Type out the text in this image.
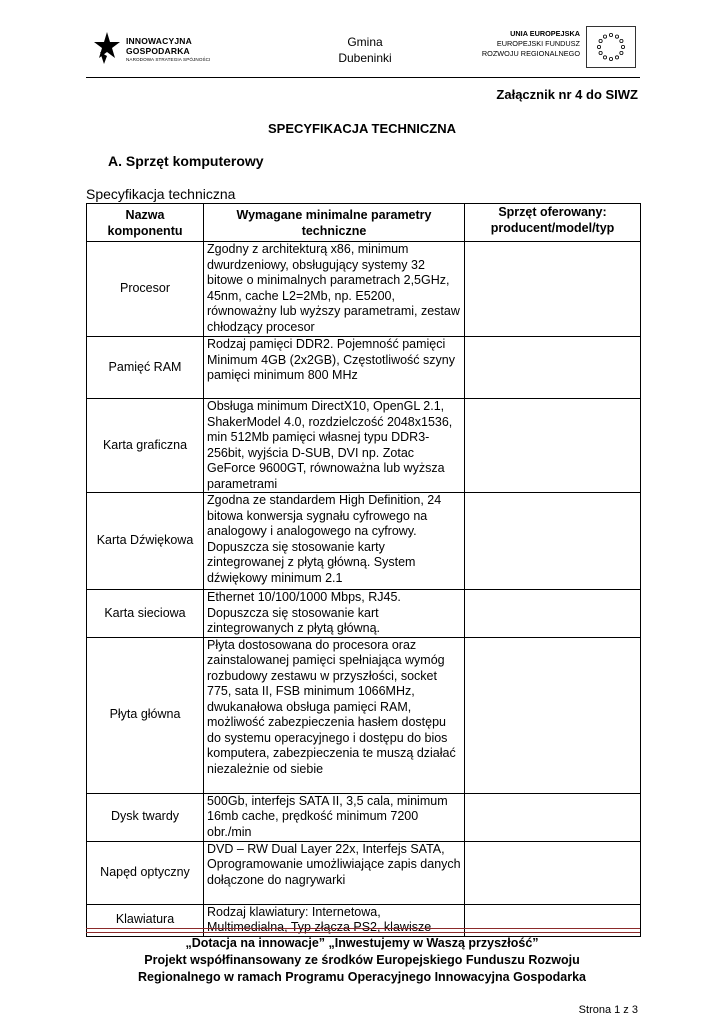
INNOWACYJNA
GOSPODARKA
NARODOWA STRATEGIA SPÓJNOŚCI
Gmina
Dubeninki
UNIA EUROPEJSKA
EUROPEJSKI FUNDUSZ
ROZWOJU REGIONALNEGO
Załącznik nr 4 do SIWZ
SPECYFIKACJA TECHNICZNA
A. Sprzęt komputerowy
Specyfikacja techniczna
Nazwa komponentu	Wymagane minimalne parametry techniczne	Sprzęt oferowany: producent/model/typ
Procesor	Zgodny z architekturą x86, minimum dwurdzeniowy, obsługujący systemy 32 bitowe o minimalnych parametrach 2,5GHz, 45nm, cache L2=2Mb, np. E5200, równoważny lub wyższy parametrami, zestaw chłodzący procesor	
Pamięć RAM	Rodzaj pamięci DDR2. Pojemność pamięci Minimum 4GB (2x2GB), Częstotliwość szyny pamięci minimum 800 MHz	
Karta graficzna	Obsługa minimum DirectX10, OpenGL 2.1, ShakerModel 4.0, rozdzielczość 2048x1536, min 512Mb pamięci własnej typu DDR3-256bit, wyjścia D-SUB, DVI np. Zotac GeForce 9600GT, równoważna lub wyższa parametrami	
Karta Dźwiękowa	Zgodna ze standardem High Definition, 24 bitowa konwersja sygnału cyfrowego na analogowy i analogowego na cyfrowy. Dopuszcza się stosowanie karty zintegrowanej z płytą główną. System dźwiękowy minimum 2.1	
Karta sieciowa	Ethernet 10/100/1000 Mbps, RJ45. Dopuszcza się stosowanie kart zintegrowanych z płytą główną.	
Płyta główna	Płyta dostosowana do procesora oraz zainstalowanej pamięci spełniająca wymóg rozbudowy zestawu w przyszłości, socket 775, sata II, FSB minimum 1066MHz, dwukanałowa obsługa pamięci RAM, możliwość zabezpieczenia hasłem dostępu do systemu operacyjnego i dostępu do bios komputera, zabezpieczenia te muszą działać niezależnie od siebie	
Dysk twardy	500Gb, interfejs SATA II, 3,5 cala, minimum 16mb cache, prędkość minimum 7200 obr./min	
Napęd optyczny	DVD – RW Dual Layer 22x, Interfejs SATA, Oprogramowanie umożliwiające zapis danych dołączone do nagrywarki	
Klawiatura	Rodzaj klawiatury: Internetowa, Multimedialna, Typ złącza PS2, klawisze	
„Dotacja na innowacje” „Inwestujemy w Waszą przyszłość”
Projekt współfinansowany ze środków Europejskiego Funduszu Rozwoju
Regionalnego w ramach Programu Operacyjnego Innowacyjna Gospodarka
Strona 1 z 3
